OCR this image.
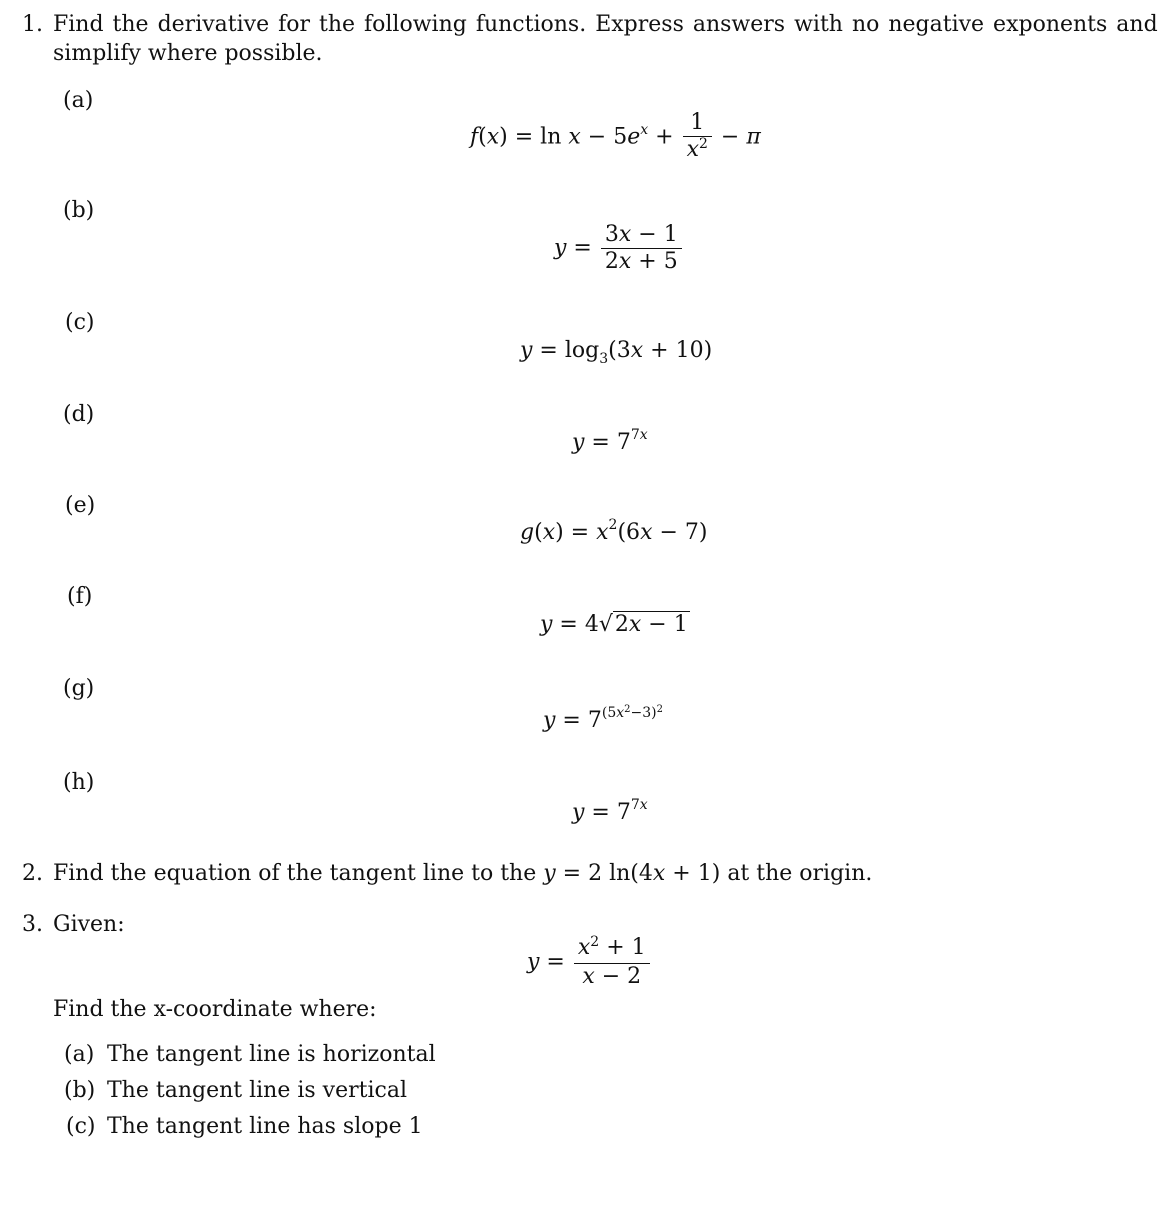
1. Find the derivative for the following functions. Express answers with no negative exponents and
simplify where possible.
(a)
(b)
(c)
(d)
(e)
(f)
(g)
(h)
$f(x) = \ln x - 5e^x + \frac{1}{x^2} - \pi$
$y = \frac{3x - 1}{2x + 5}$
$y = \log_3(3x + 10)$
$y = 7^{7x}$
$g(x) = x^2(6x - 7)$
y = 4√2x − 1
$y = 7^{(5x^2-3)^2}$
$y = 7^{7x}$
2. Find the equation of the tangent line to the y = 2 ln(4x + 1) at the origin.
3. Given:
$y = \frac{x^2 + 1}{x - 2}$
Find the x-coordinate where:
(a) The tangent line is horizontal
(b) The tangent line is vertical
(c) The tangent line has slope 1
